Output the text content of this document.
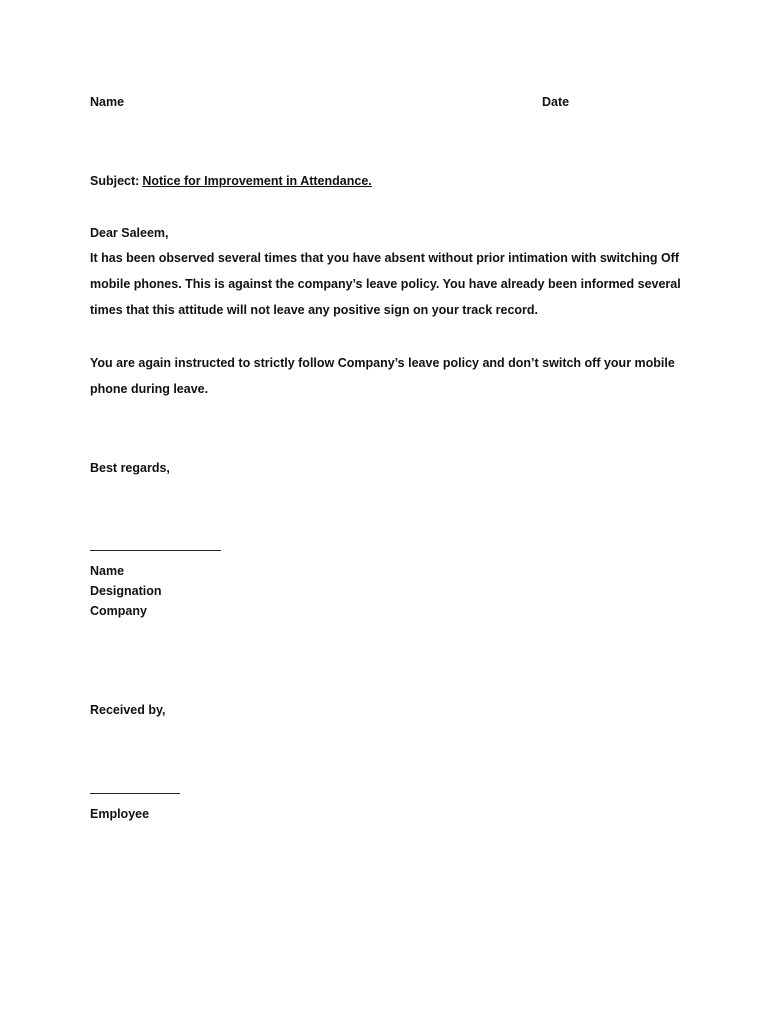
Name	Date
Subject: Notice for Improvement in Attendance.
Dear Saleem,
It has been observed several times that you have absent without prior intimation with switching Off mobile phones. This is against the company’s leave policy. You have already been informed several times that this attitude will not leave any positive sign on your track record.
You are again instructed to strictly follow Company’s leave policy and don’t switch off your mobile phone during leave.
Best regards,
Name
Designation
Company
Received by,
Employee
